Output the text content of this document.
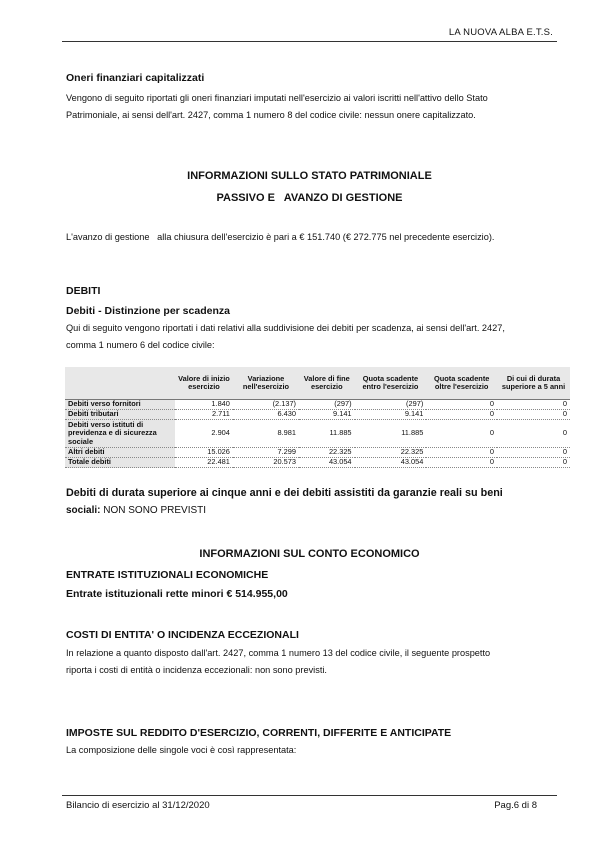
LA NUOVA ALBA E.T.S.
Oneri finanziari capitalizzati
Vengono di seguito riportati gli oneri finanziari imputati nell'esercizio ai valori iscritti nell'attivo dello Stato
Patrimoniale, ai sensi dell'art. 2427, comma 1 numero 8 del codice civile: nessun onere capitalizzato.
INFORMAZIONI SULLO STATO PATRIMONIALE
PASSIVO E   AVANZO DI GESTIONE
L'avanzo di gestione   alla chiusura dell'esercizio è pari a € 151.740 (€ 272.775 nel precedente esercizio).
DEBITI
Debiti - Distinzione per scadenza
Qui di seguito vengono riportati i dati relativi alla suddivisione dei debiti per scadenza, ai sensi dell'art. 2427,
comma 1 numero 6 del codice civile:
	Valore di inizio esercizio	Variazione nell'esercizio	Valore di fine esercizio	Quota scadente entro l'esercizio	Quota scadente oltre l'esercizio	Di cui di durata superiore a 5 anni
Debiti verso fornitori	1.840	(2.137)	(297)	(297)	0	0
Debiti tributari	2.711	6.430	9.141	9.141	0	0
Debiti verso istituti di previdenza e di sicurezza sociale	2.904	8.981	11.885	11.885	0	0
Altri debiti	15.026	7.299	22.325	22.325	0	0
Totale debiti	22.481	20.573	43.054	43.054	0	0
Debiti di durata superiore ai cinque anni e dei debiti assistiti da garanzie reali su beni
sociali: NON SONO PREVISTI
INFORMAZIONI SUL CONTO ECONOMICO
ENTRATE ISTITUZIONALI ECONOMICHE
Entrate istituzionali rette minori € 514.955,00
COSTI DI ENTITA' O INCIDENZA ECCEZIONALI
In relazione a quanto disposto dall'art. 2427, comma 1 numero 13 del codice civile, il seguente prospetto
riporta i costi di entità o incidenza eccezionali: non sono previsti.
IMPOSTE SUL REDDITO D'ESERCIZIO, CORRENTI, DIFFERITE E ANTICIPATE
La composizione delle singole voci è così rappresentata:
Bilancio di esercizio al 31/12/2020	Pag.6 di 8
